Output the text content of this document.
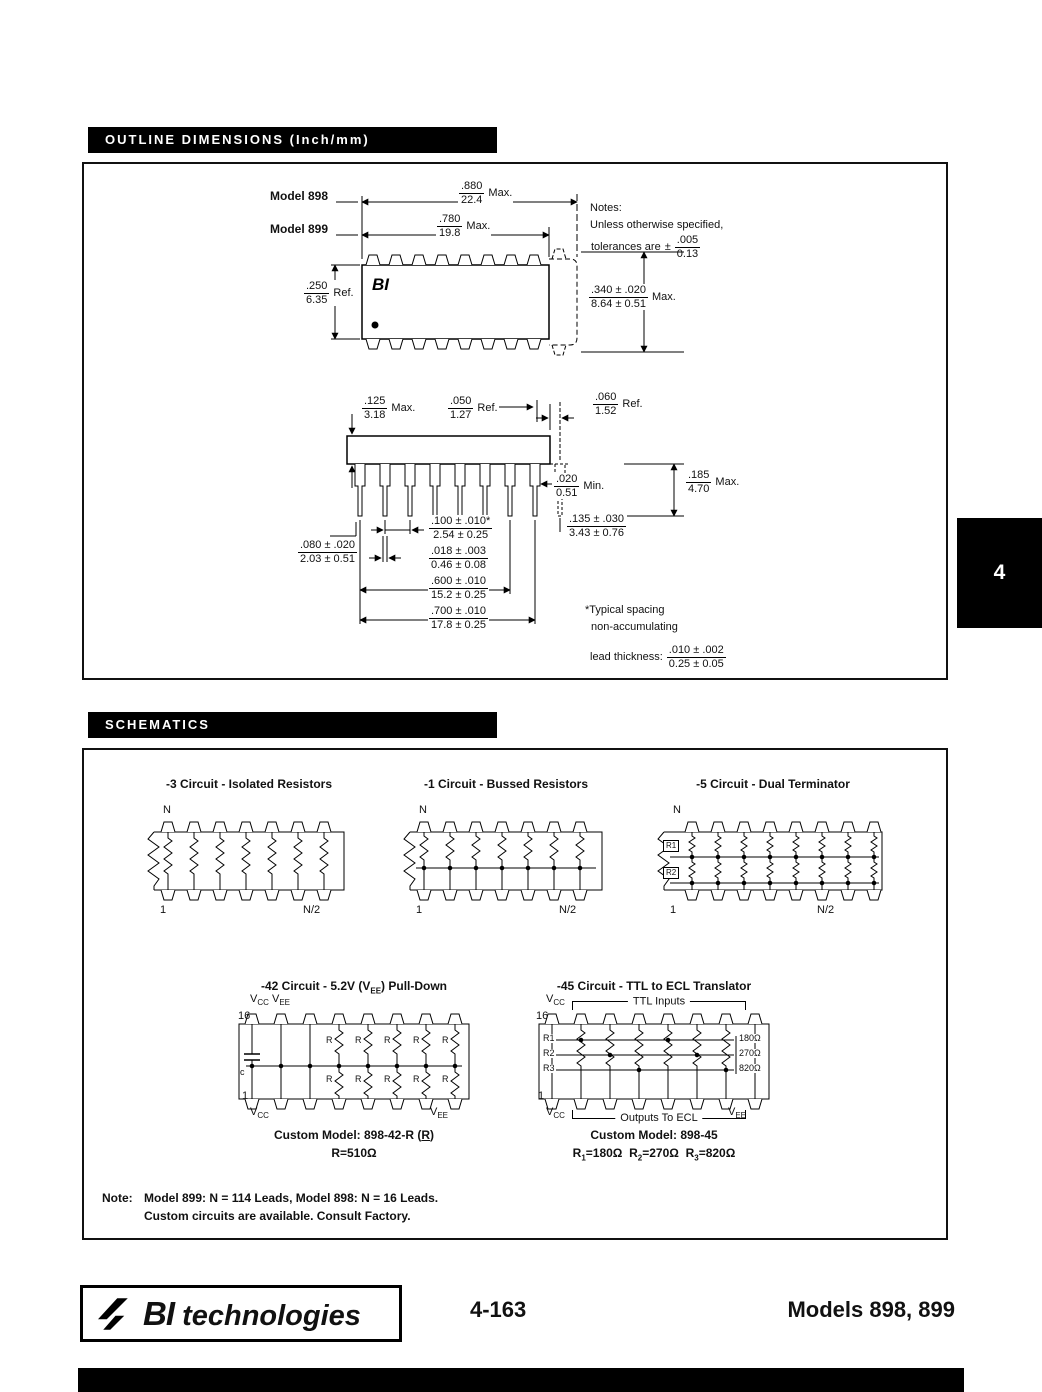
OUTLINE DIMENSIONS (Inch/mm)
BI
Model 898
Model 899
$\frac{.880}{22.4}$ Max.
$\frac{.780}{19.8}$ Max.
Notes:
Unless otherwise specified,
tolerances are ± $\frac{.005}{0.13}$
$\frac{.250}{6.35}$ Ref.	$\frac{.340 \pm .020}{8.64 \pm 0.51}$ Max.
$\frac{.125}{3.18}$ Max.	$\frac{.050}{1.27}$ Ref.	$\frac{.060}{1.52}$ Ref.
$\frac{.020}{0.51}$ Min.	$\frac{.185}{4.70}$ Max.
$\frac{.100 \pm .010*}{2.54 \pm 0.25}$
$\frac{.018 \pm .003}{0.46 \pm 0.08}$
$\frac{.600 \pm .010}{15.2 \pm 0.25}$
$\frac{.700 \pm .010}{17.8 \pm 0.25}$
$\frac{.080 \pm .020}{2.03 \pm 0.51}$
$\frac{.135 \pm .030}{3.43 \pm 0.76}$
*Typical spacing
non-accumulating
lead thickness: $\frac{.010 \pm .002}{0.25 \pm 0.05}$
4
SCHEMATICS
-3 Circuit - Isolated Resistors	-1 Circuit - Bussed Resistors	-5 Circuit - Dual Terminator
N
1	N/2
N
1	N/2
N
1	N/2
R1
R2
-42 Circuit - 5.2V $(V_{EE})$ Pull-Down
$V_{CC}$ $V_{EE}$
16
1
c
R	R	R	R	R
R	R	R	R	R
$V_{CC}$	$V_{EE}$
Custom Model: 898-42-R (R)
R=510Ω
-45 Circuit - TTL to ECL Translator
$V_{CC}$	TTL Inputs
16
1
R1
R2
R3
180Ω
270Ω
820Ω
$V_{CC}$	Outputs To ECL	$V_{EE}$
Custom Model: 898-45
$R_1=180\Omega$ $R_2=270\Omega$ $R_3=820\Omega$
Note: Model 899: N = 114 Leads, Model 898: N = 16 Leads.
Custom circuits are available. Consult Factory.
BI technologies	4-163	Models 898, 899
